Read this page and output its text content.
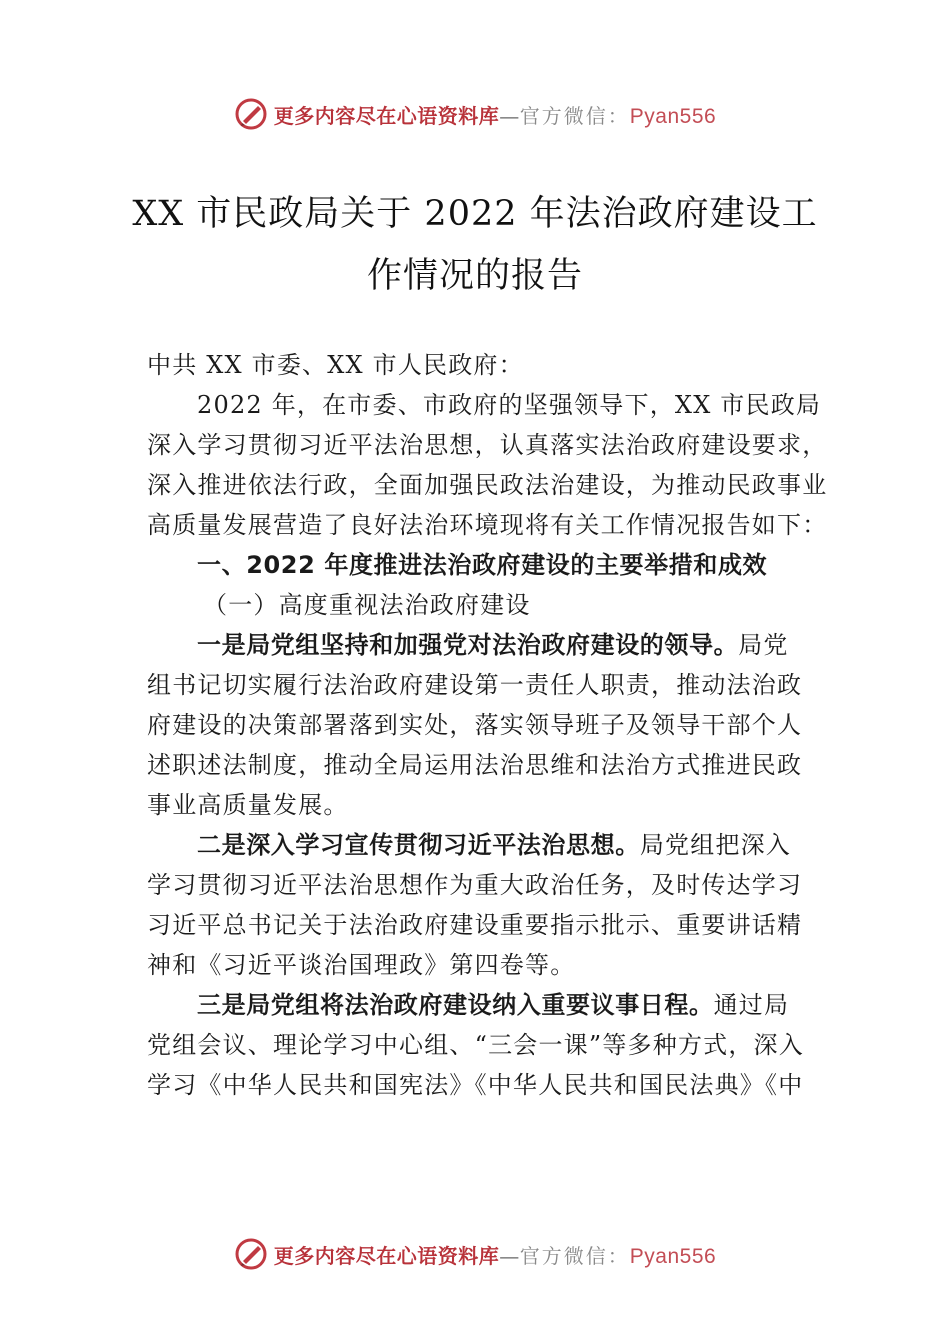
更多内容尽在心语资料库—官方微信：Pyan556
XX 市民政局关于 2022 年法治政府建设工
作情况的报告
中共 XX 市委、XX 市人民政府：
2022 年，在市委、市政府的坚强领导下，XX 市民政局
深入学习贯彻习近平法治思想，认真落实法治政府建设要求，
深入推进依法行政，全面加强民政法治建设，为推动民政事业
高质量发展营造了良好法治环境现将有关工作情况报告如下：
一、2022 年度推进法治政府建设的主要举措和成效
（一）高度重视法治政府建设
一是局党组坚持和加强党对法治政府建设的领导。局党
组书记切实履行法治政府建设第一责任人职责，推动法治政
府建设的决策部署落到实处，落实领导班子及领导干部个人
述职述法制度，推动全局运用法治思维和法治方式推进民政
事业高质量发展。
二是深入学习宣传贯彻习近平法治思想。局党组把深入
学习贯彻习近平法治思想作为重大政治任务，及时传达学习
习近平总书记关于法治政府建设重要指示批示、重要讲话精
神和《习近平谈治国理政》第四卷等。
三是局党组将法治政府建设纳入重要议事日程。通过局
党组会议、理论学习中心组、“三会一课”等多种方式，深入
学习《中华人民共和国宪法》《中华人民共和国民法典》《中
更多内容尽在心语资料库—官方微信：Pyan556
